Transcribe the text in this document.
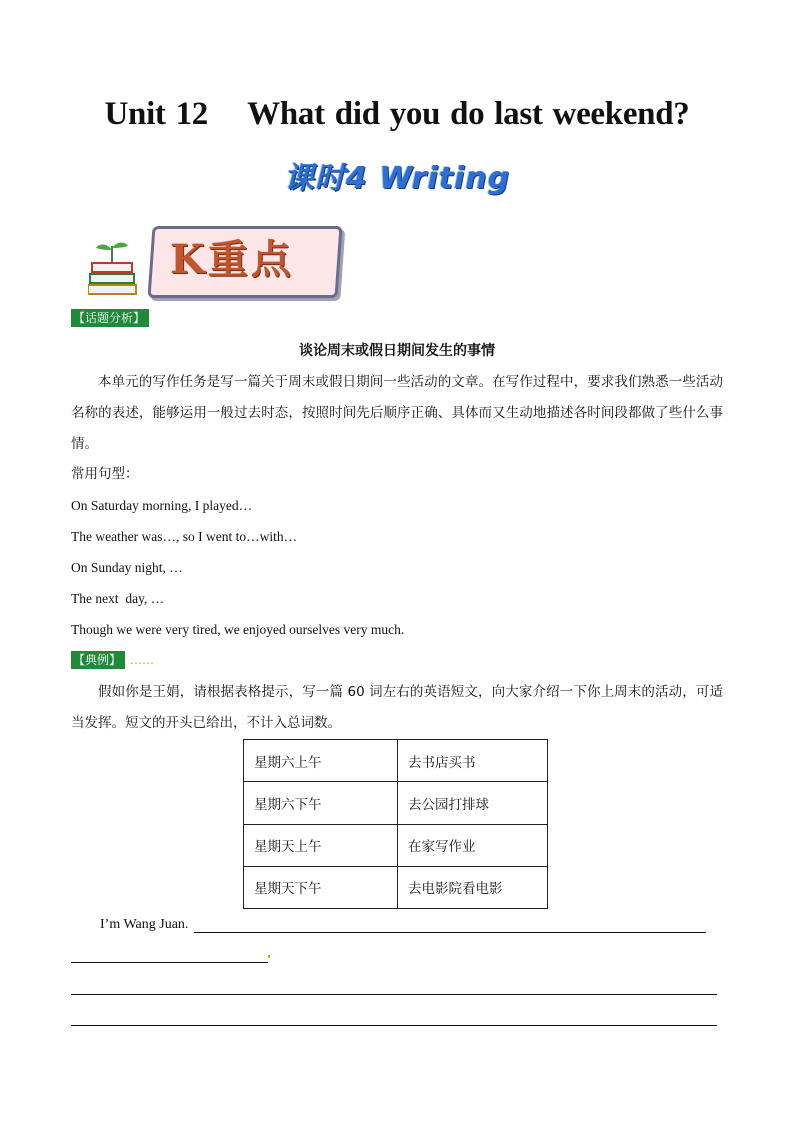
Unit 12    What did you do last weekend?
课时4 Writing
K重点
【话题分析】
谈论周末或假日期间发生的事情
本单元的写作任务是写一篇关于周末或假日期间一些活动的文章。在写作过程中，要求我们熟悉一些活动名称的表述，能够运用一般过去时态，按照时间先后顺序正确、具体而又生动地描述各时间段都做了些什么事情。
常用句型：
On Saturday morning, I played…
The weather was…, so I went to…with…
On Sunday night, …
The next  day, …
Though we were very tired, we enjoyed ourselves very much.
【典例】 ……
假如你是王娟，请根据表格提示，写一篇 60 词左右的英语短文，向大家介绍一下你上周末的活动，可适当发挥。短文的开头已给出，不计入总词数。
星期六上午	去书店买书
星期六下午	去公园打排球
星期天上午	在家写作业
星期天下午	去电影院看电影
I’m Wang Juan.
